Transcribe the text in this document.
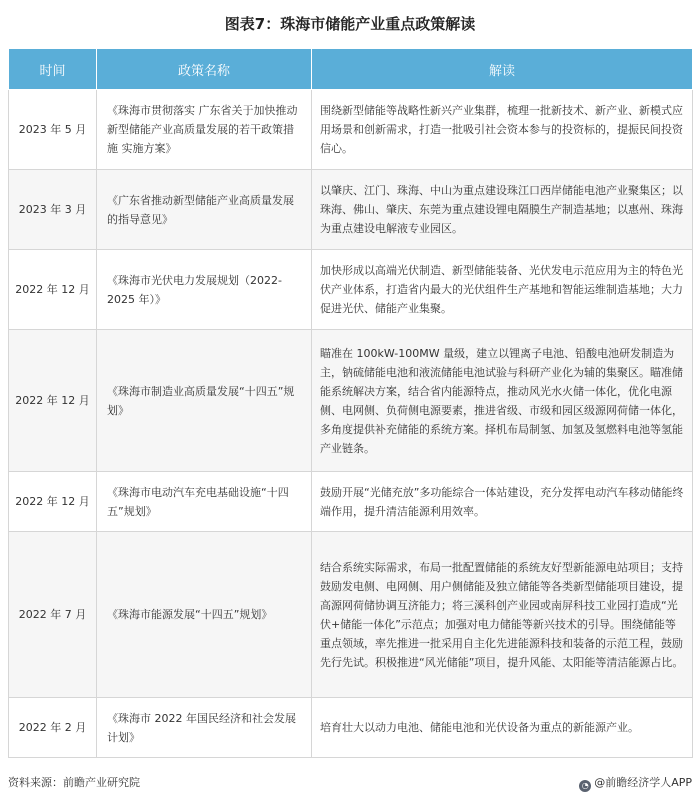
图表7：珠海市储能产业重点政策解读
时间	政策名称	解读
2023 年 5 月	《珠海市贯彻落实 广东省关于加快推动新型储能产业高质量发展的若干政策措施 实施方案》	围绕新型储能等战略性新兴产业集群，梳理一批新技术、新产业、新模式应用场景和创新需求，打造一批吸引社会资本参与的投资标的，提振民间投资信心。
2023 年 3 月	《广东省推动新型储能产业高质量发展的指导意见》	以肇庆、江门、珠海、中山为重点建设珠江口西岸储能电池产业聚集区；以珠海、佛山、肇庆、东莞为重点建设锂电隔膜生产制造基地；以惠州、珠海为重点建设电解液专业园区。
2022 年 12 月	《珠海市光伏电力发展规划（2022-2025 年）》	加快形成以高端光伏制造、新型储能装备、光伏发电示范应用为主的特色光伏产业体系，打造省内最大的光伏组件生产基地和智能运维制造基地；大力促进光伏、储能产业集聚。
2022 年 12 月	《珠海市制造业高质量发展“十四五”规划》	瞄准在 100kW-100MW 量级，建立以锂离子电池、铅酸电池研发制造为主，钠硫储能电池和液流储能电池试验与科研产业化为辅的集聚区。瞄准储能系统解决方案，结合省内能源特点，推动风光水火储一体化，优化电源侧、电网侧、负荷侧电源要素，推进省级、市级和园区级源网荷储一体化，多角度提供补充储能的系统方案。择机布局制氢、加氢及氢燃料电池等氢能产业链条。
2022 年 12 月	《珠海市电动汽车充电基础设施“十四五”规划》	鼓励开展“光储充放”多功能综合一体站建设，充分发挥电动汽车移动储能终端作用，提升清洁能源利用效率。
2022 年 7 月	《珠海市能源发展“十四五”规划》	结合系统实际需求，布局一批配置储能的系统友好型新能源电站项目；支持鼓励发电侧、电网侧、用户侧储能及独立储能等各类新型储能项目建设，提高源网荷储协调互济能力；将三溪科创产业园或南屏科技工业园打造成“光伏+储能一体化”示范点；加强对电力储能等新兴技术的引导。围绕储能等重点领域，率先推进一批采用自主化先进能源科技和装备的示范工程，鼓励先行先试。积极推进“风光储能”项目，提升风能、太阳能等清洁能源占比。
2022 年 2 月	《珠海市 2022 年国民经济和社会发展计划》	培育壮大以动力电池、储能电池和光伏设备为重点的新能源产业。
资料来源：前瞻产业研究院	◔ @前瞻经济学人APP
